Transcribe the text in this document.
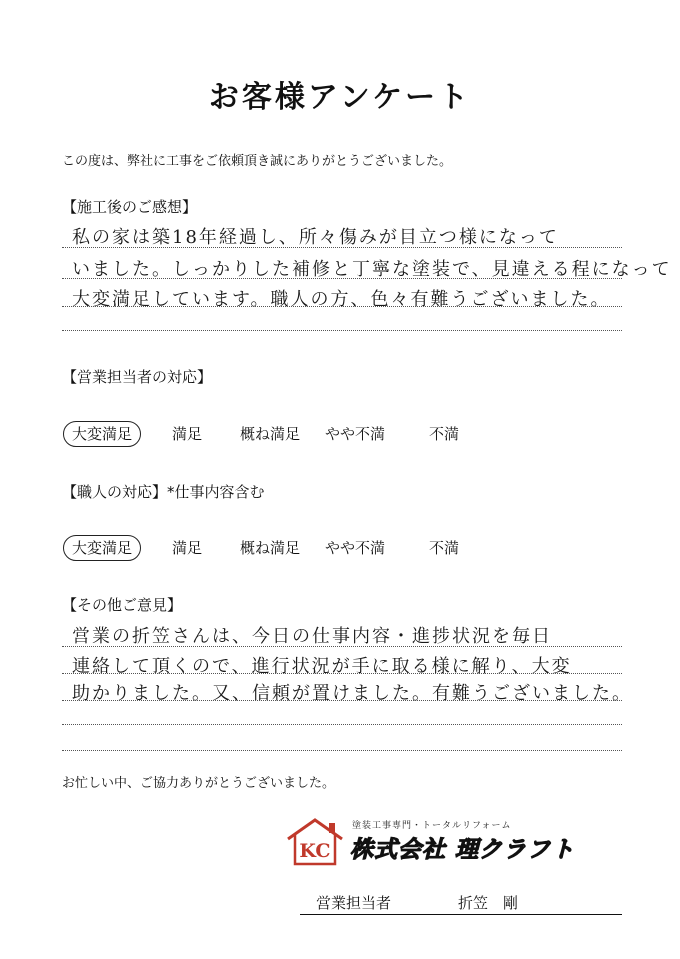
お客様アンケート
この度は、弊社に工事をご依頼頂き誠にありがとうございました。
【施工後のご感想】
私の家は築18年経過し、所々傷みが目立つ様になって
いました。しっかりした補修と丁寧な塗装で、見違える程になって
大変満足しています。職人の方、色々有難うございました。
【営業担当者の対応】
大変満足	満足	概ね満足 やや不満	不満
【職人の対応】*仕事内容含む
大変満足	満足	概ね満足 やや不満	不満
【その他ご意見】
営業の折笠さんは、今日の仕事内容・進捗状況を毎日
連絡して頂くので、進行状況が手に取る様に解り、大変
助かりました。又、信頼が置けました。有難うございました。
お忙しい中、ご協力ありがとうございました。
KC
塗装工事専門・トータルリフォーム
株式会社 理クラフト
営業担当者	折笠　剛
